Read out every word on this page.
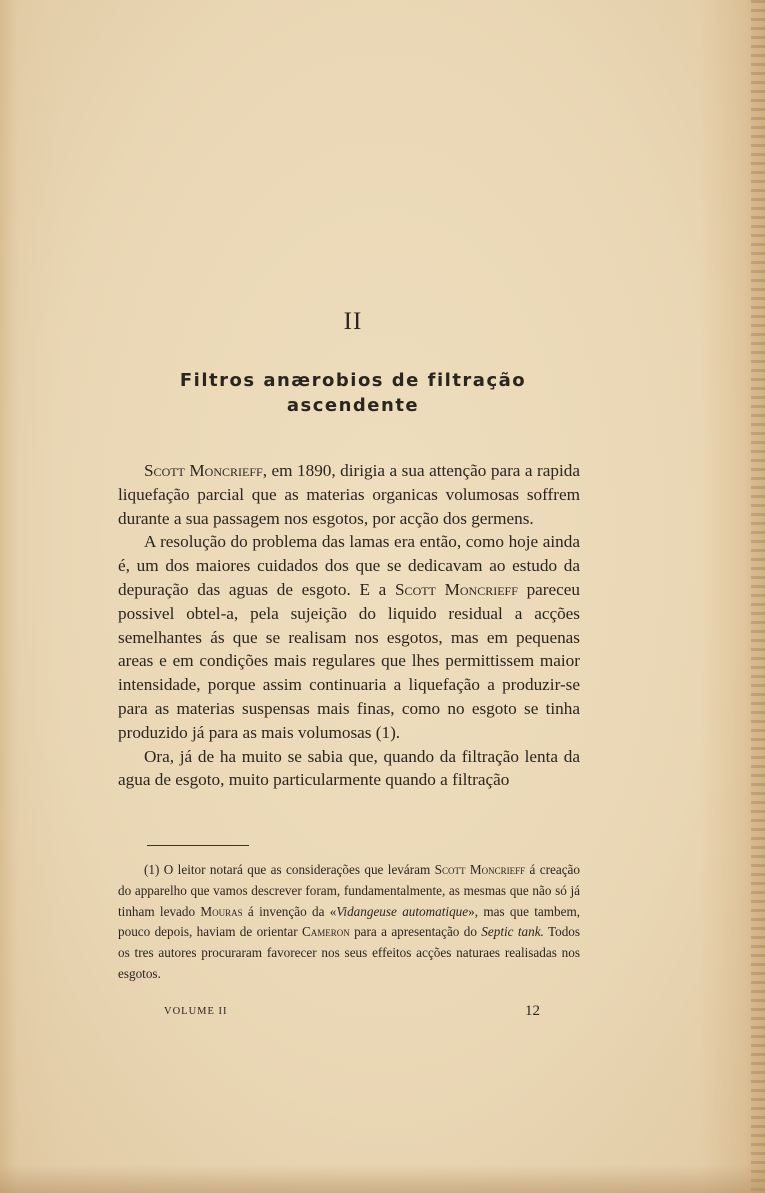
II
Filtros anærobios de filtração
ascendente

Scott Moncrieff, em 1890, dirigia a sua attenção para a rapida liquefação parcial que as materias organicas volumosas soffrem durante a sua passagem nos esgotos, por acção dos germens.

A resolução do problema das lamas era então, como hoje ainda é, um dos maiores cuidados dos que se dedicavam ao estudo da depuração das aguas de esgoto. E a Scott Moncrieff pareceu possivel obtel-a, pela sujeição do liquido residual a acções semelhantes ás que se realisam nos esgotos, mas em pequenas areas e em condições mais regulares que lhes permittissem maior intensidade, porque assim continuaria a liquefação a produzir-se para as materias suspensas mais finas, como no esgoto se tinha produzido já para as mais volumosas (1).

Ora, já de ha muito se sabia que, quando da filtração lenta da agua de esgoto, muito particularmente quando a filtração

(1) O leitor notará que as considerações que leváram Scott Moncrieff á creação do apparelho que vamos descrever foram, fundamentalmente, as mesmas que não só já tinham levado Mouras á invenção da «Vidangeuse automatique», mas que tambem, pouco depois, haviam de orientar Cameron para a apresentação do Septic tank. Todos os tres autores procuraram favorecer nos seus effeitos acções naturaes realisadas nos esgotos.

VOLUME II	12
